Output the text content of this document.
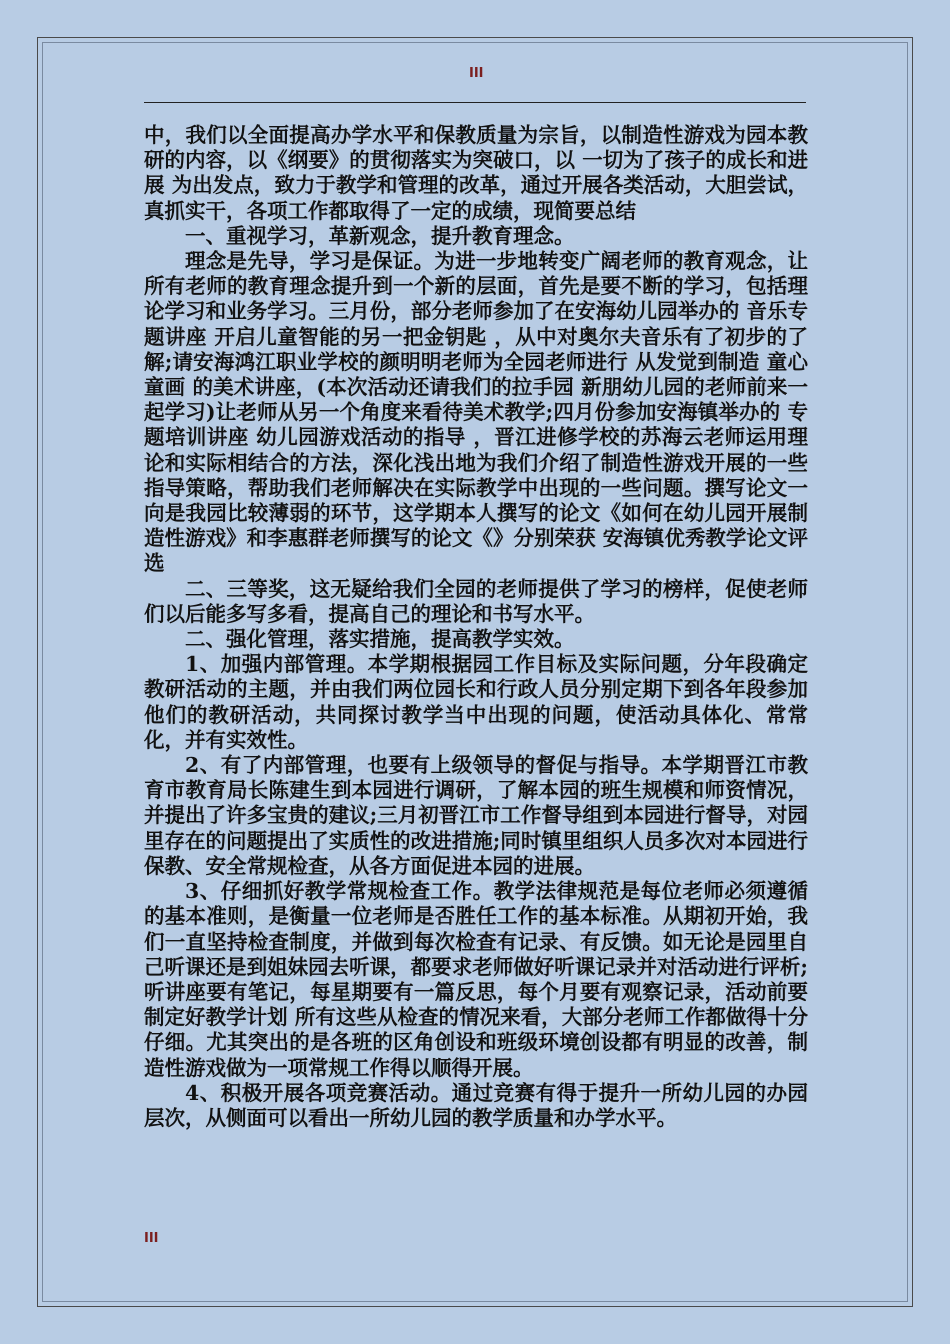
III

中，我们以全面提高办学水平和保教质量为宗旨，以制造性游戏为园本教研的内容，以《纲要》的贯彻落实为突破口，以 一切为了孩子的成长和进展 为出发点，致力于教学和管理的改革，通过开展各类活动，大胆尝试，真抓实干，各项工作都取得了一定的成绩，现简要总结

一、重视学习，革新观念，提升教育理念。

理念是先导，学习是保证。为进一步地转变广阔老师的教育观念，让所有老师的教育理念提升到一个新的层面，首先是要不断的学习，包括理论学习和业务学习。三月份，部分老师参加了在安海幼儿园举办的 音乐专题讲座 开启儿童智能的另一把金钥匙 ，从中对奥尔夫音乐有了初步的了解;请安海鸿江职业学校的颜明明老师为全园老师进行 从发觉到制造 童心童画 的美术讲座，(本次活动还请我们的拉手园 新朋幼儿园的老师前来一起学习)让老师从另一个角度来看待美术教学;四月份参加安海镇举办的 专题培训讲座 幼儿园游戏活动的指导 ，晋江进修学校的苏海云老师运用理论和实际相结合的方法，深化浅出地为我们介绍了制造性游戏开展的一些指导策略，帮助我们老师解决在实际教学中出现的一些问题。撰写论文一向是我园比较薄弱的环节，这学期本人撰写的论文《如何在幼儿园开展制造性游戏》和李惠群老师撰写的论文《》分别荣获 安海镇优秀教学论文评选

二、三等奖，这无疑给我们全园的老师提供了学习的榜样，促使老师们以后能多写多看，提高自己的理论和书写水平。

二、强化管理，落实措施，提高教学实效。

1、加强内部管理。本学期根据园工作目标及实际问题，分年段确定教研活动的主题，并由我们两位园长和行政人员分别定期下到各年段参加他们的教研活动，共同探讨教学当中出现的问题，使活动具体化、常常化，并有实效性。

2、有了内部管理，也要有上级领导的督促与指导。本学期晋江市教育市教育局长陈建生到本园进行调研，了解本园的班生规模和师资情况，并提出了许多宝贵的建议;三月初晋江市工作督导组到本园进行督导，对园里存在的问题提出了实质性的改进措施;同时镇里组织人员多次对本园进行保教、安全常规检查，从各方面促进本园的进展。

3、仔细抓好教学常规检查工作。教学法律规范是每位老师必须遵循的基本准则，是衡量一位老师是否胜任工作的基本标准。从期初开始，我们一直坚持检查制度，并做到每次检查有记录、有反馈。如无论是园里自己听课还是到姐妹园去听课，都要求老师做好听课记录并对活动进行评析;听讲座要有笔记，每星期要有一篇反思，每个月要有观察记录，活动前要制定好教学计划 所有这些从检查的情况来看，大部分老师工作都做得十分仔细。尤其突出的是各班的区角创设和班级环境创设都有明显的改善，制造性游戏做为一项常规工作得以顺得开展。

4、积极开展各项竞赛活动。通过竞赛有得于提升一所幼儿园的办园层次，从侧面可以看出一所幼儿园的教学质量和办学水平。

III
